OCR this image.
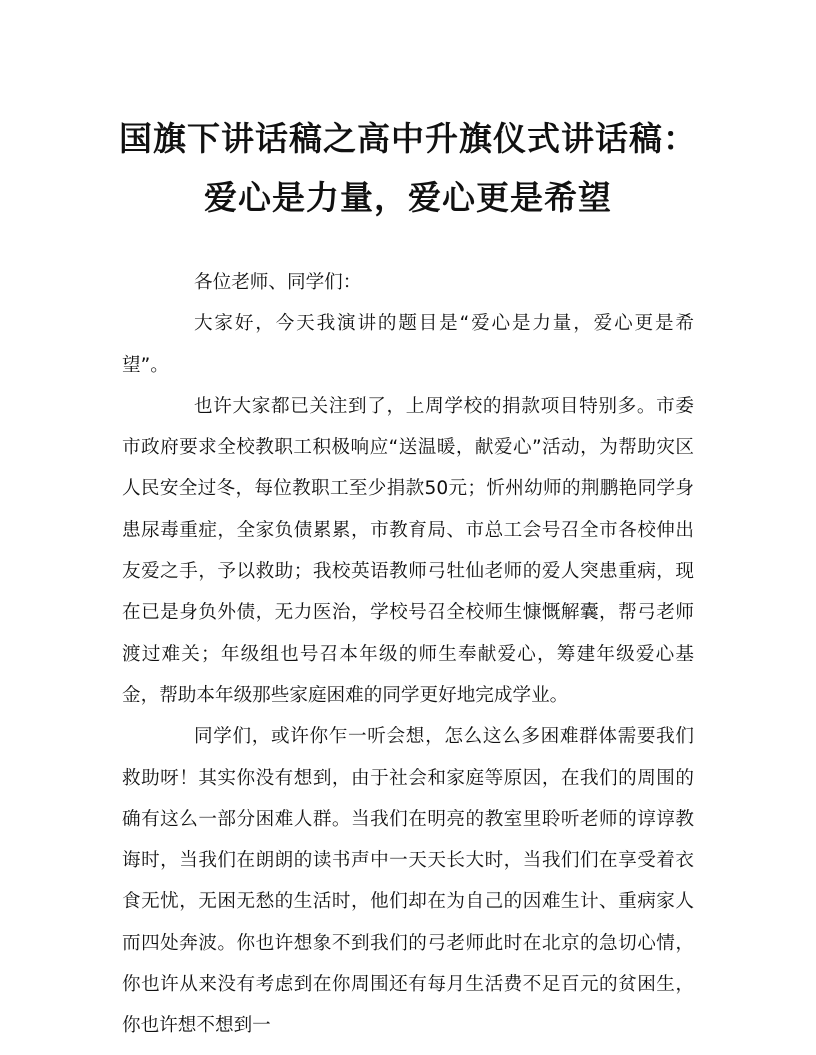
国旗下讲话稿之高中升旗仪式讲话稿：
爱心是力量，爱心更是希望

各位老师、同学们：

大家好，今天我演讲的题目是“爱心是力量，爱心更是希望”。

也许大家都已关注到了，上周学校的捐款项目特别多。市委市政府要求全校教职工积极响应“送温暖，献爱心”活动，为帮助灾区人民安全过冬，每位教职工至少捐款50元；忻州幼师的荆鹏艳同学身患尿毒重症，全家负债累累，市教育局、市总工会号召全市各校伸出友爱之手，予以救助；我校英语教师弓牡仙老师的爱人突患重病，现在已是身负外债，无力医治，学校号召全校师生慷慨解囊，帮弓老师渡过难关；年级组也号召本年级的师生奉献爱心，筹建年级爱心基金，帮助本年级那些家庭困难的同学更好地完成学业。

同学们，或许你乍一听会想，怎么这么多困难群体需要我们救助呀！其实你没有想到，由于社会和家庭等原因，在我们的周围的确有这么一部分困难人群。当我们在明亮的教室里聆听老师的谆谆教诲时，当我们在朗朗的读书声中一天天长大时，当我们们在享受着衣食无忧，无困无愁的生活时，他们却在为自己的因难生计、重病家人而四处奔波。你也许想象不到我们的弓老师此时在北京的急切心情，你也许从来没有考虑到在你周围还有每月生活费不足百元的贫困生，你也许想不想到一
